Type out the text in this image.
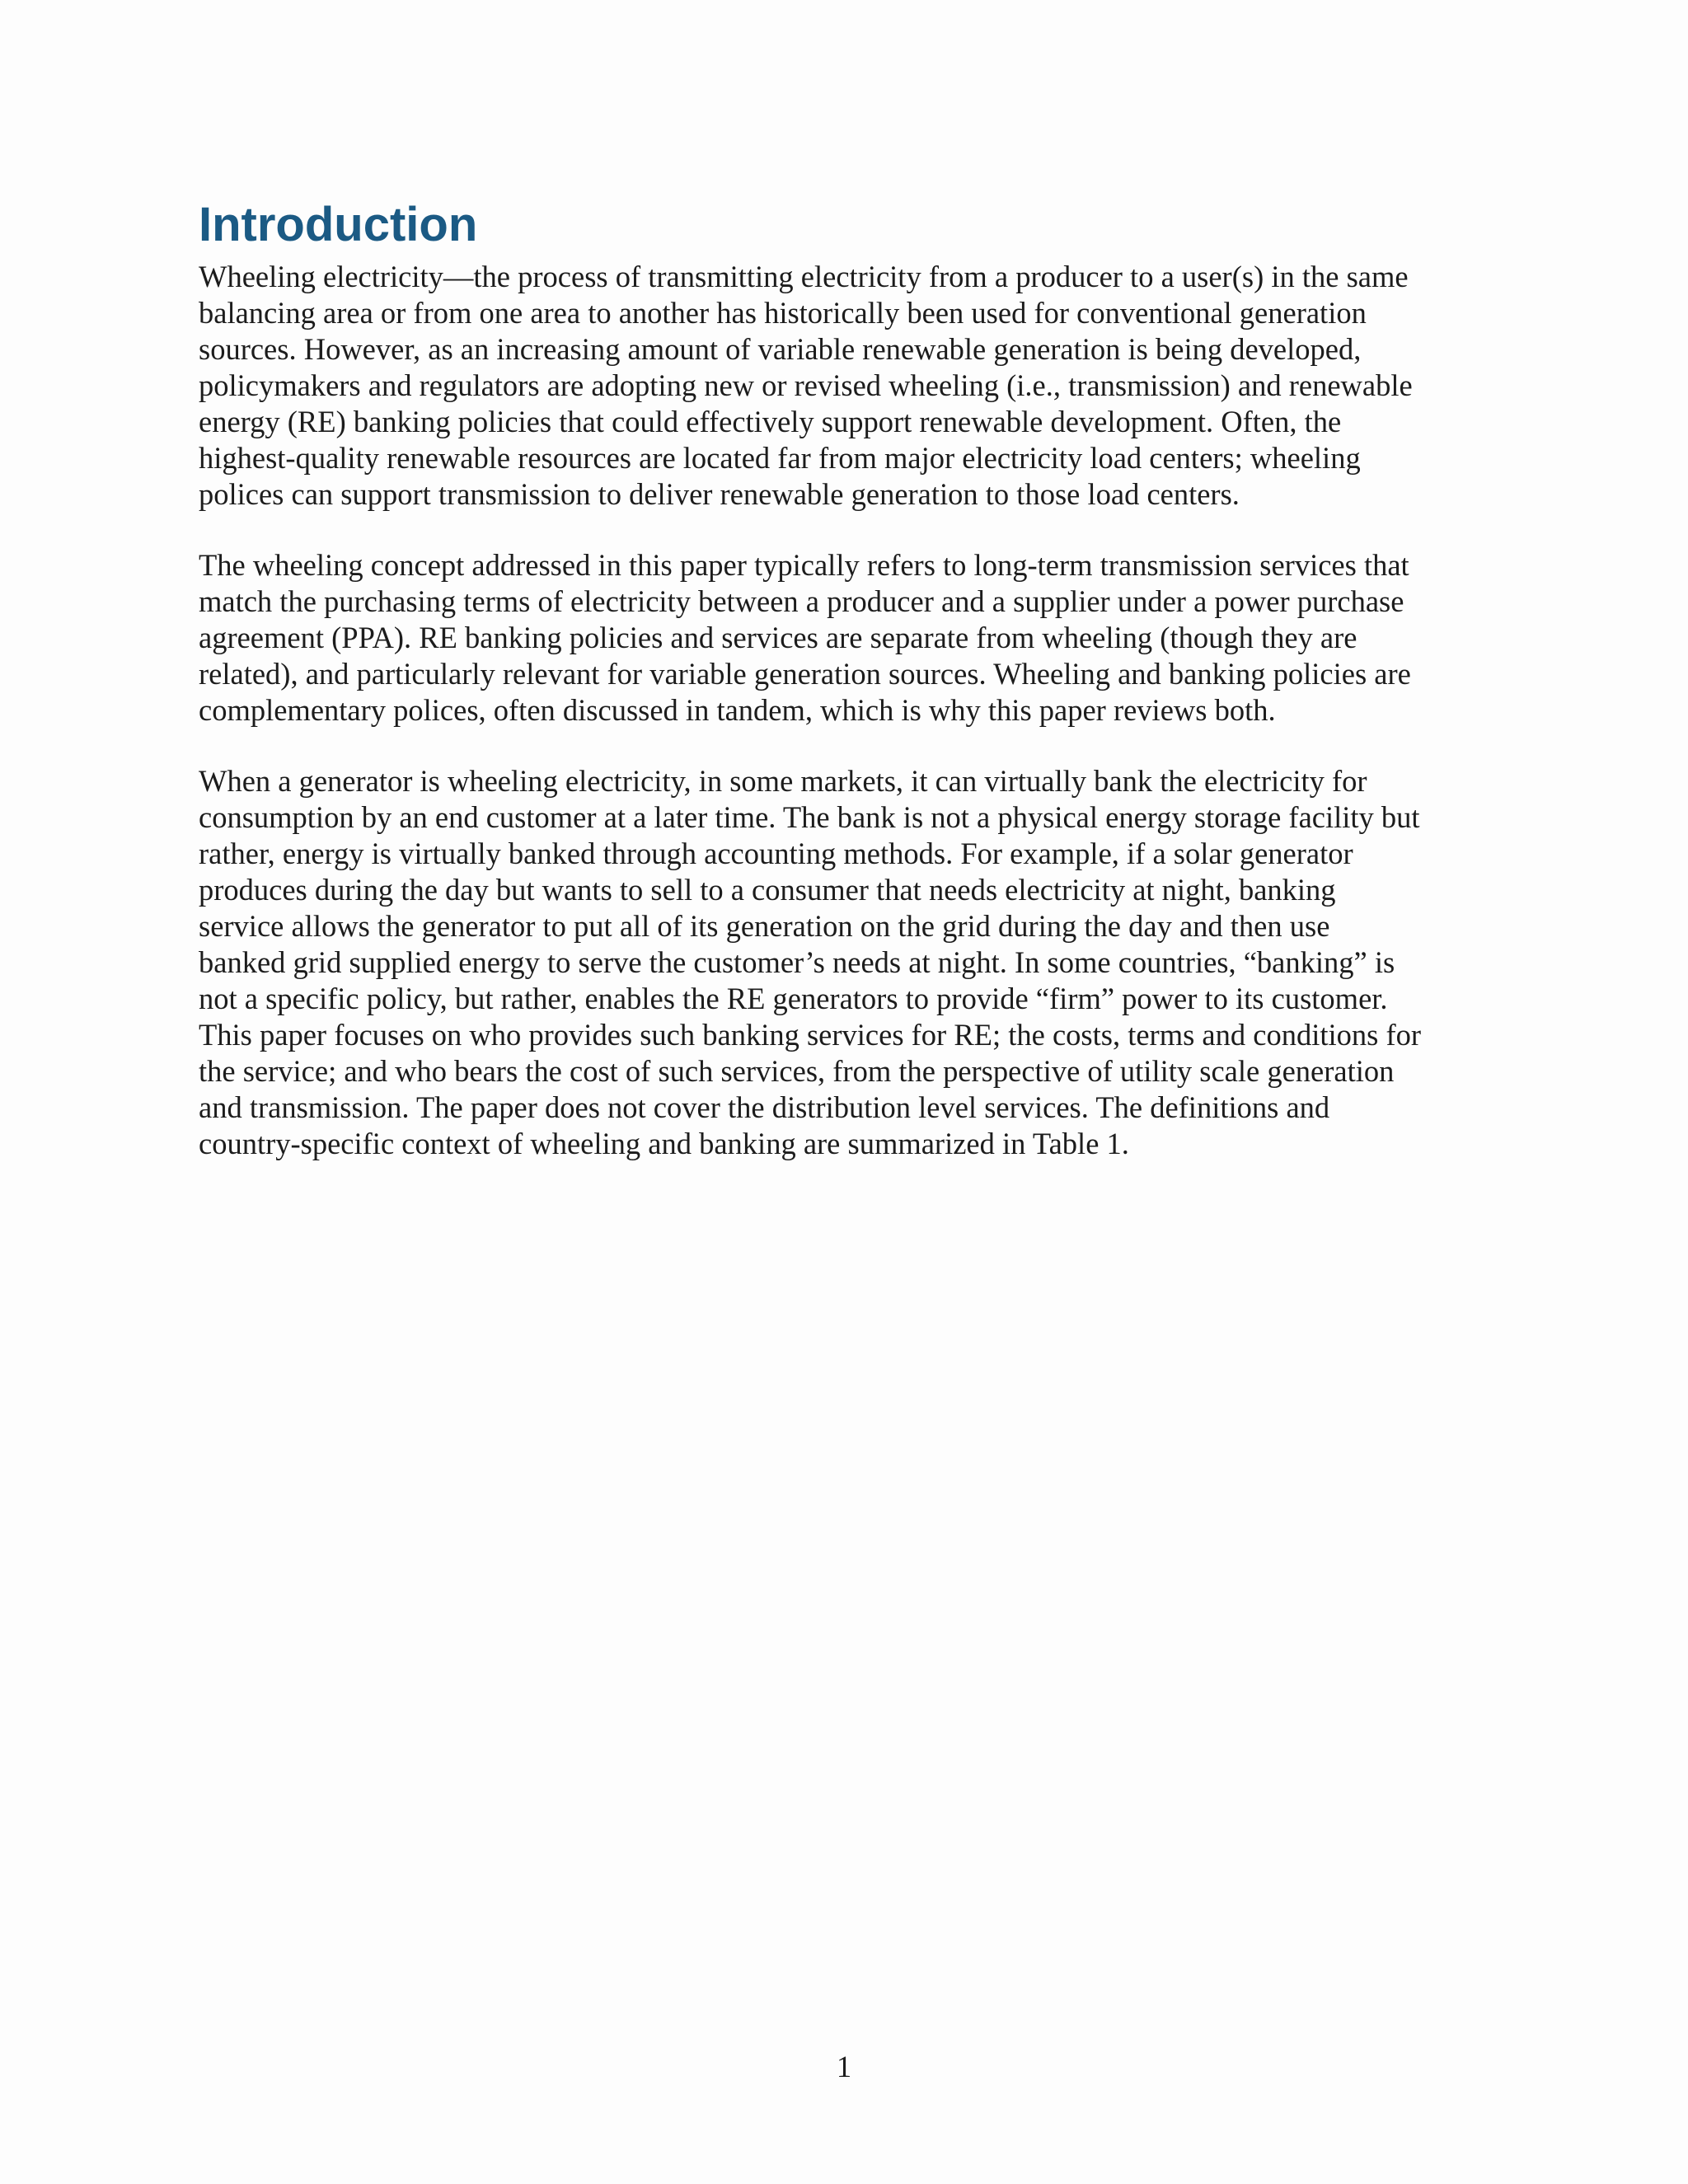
Introduction

Wheeling electricity—the process of transmitting electricity from a producer to a user(s) in the same
balancing area or from one area to another has historically been used for conventional generation
sources. However, as an increasing amount of variable renewable generation is being developed,
policymakers and regulators are adopting new or revised wheeling (i.e., transmission) and renewable
energy (RE) banking policies that could effectively support renewable development. Often, the
highest-quality renewable resources are located far from major electricity load centers; wheeling
polices can support transmission to deliver renewable generation to those load centers.

The wheeling concept addressed in this paper typically refers to long-term transmission services that
match the purchasing terms of electricity between a producer and a supplier under a power purchase
agreement (PPA). RE banking policies and services are separate from wheeling (though they are
related), and particularly relevant for variable generation sources. Wheeling and banking policies are
complementary polices, often discussed in tandem, which is why this paper reviews both.

When a generator is wheeling electricity, in some markets, it can virtually bank the electricity for
consumption by an end customer at a later time. The bank is not a physical energy storage facility but
rather, energy is virtually banked through accounting methods. For example, if a solar generator
produces during the day but wants to sell to a consumer that needs electricity at night, banking
service allows the generator to put all of its generation on the grid during the day and then use
banked grid supplied energy to serve the customer’s needs at night. In some countries, “banking” is
not a specific policy, but rather, enables the RE generators to provide “firm” power to its customer.
This paper focuses on who provides such banking services for RE; the costs, terms and conditions for
the service; and who bears the cost of such services, from the perspective of utility scale generation
and transmission. The paper does not cover the distribution level services. The definitions and
country-specific context of wheeling and banking are summarized in Table 1.

1
